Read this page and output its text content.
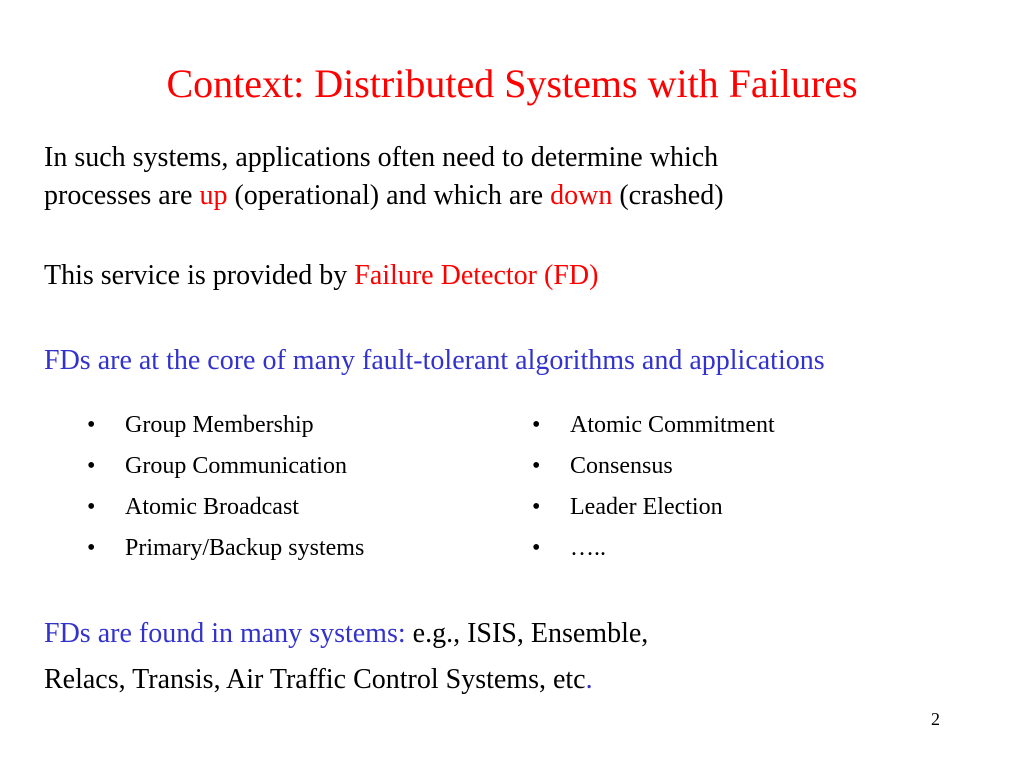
Context: Distributed Systems with Failures
In such systems, applications often need to determine which
processes are up (operational) and which are down (crashed)
This service is provided by Failure Detector (FD)
FDs are at the core of many fault-tolerant algorithms and applications
• Group Membership
• Group Communication
• Atomic Broadcast
• Primary/Backup systems
• Atomic Commitment
• Consensus
• Leader Election
• …..
FDs are found in many systems: e.g., ISIS, Ensemble,
Relacs, Transis, Air Traffic Control Systems, etc.
2
